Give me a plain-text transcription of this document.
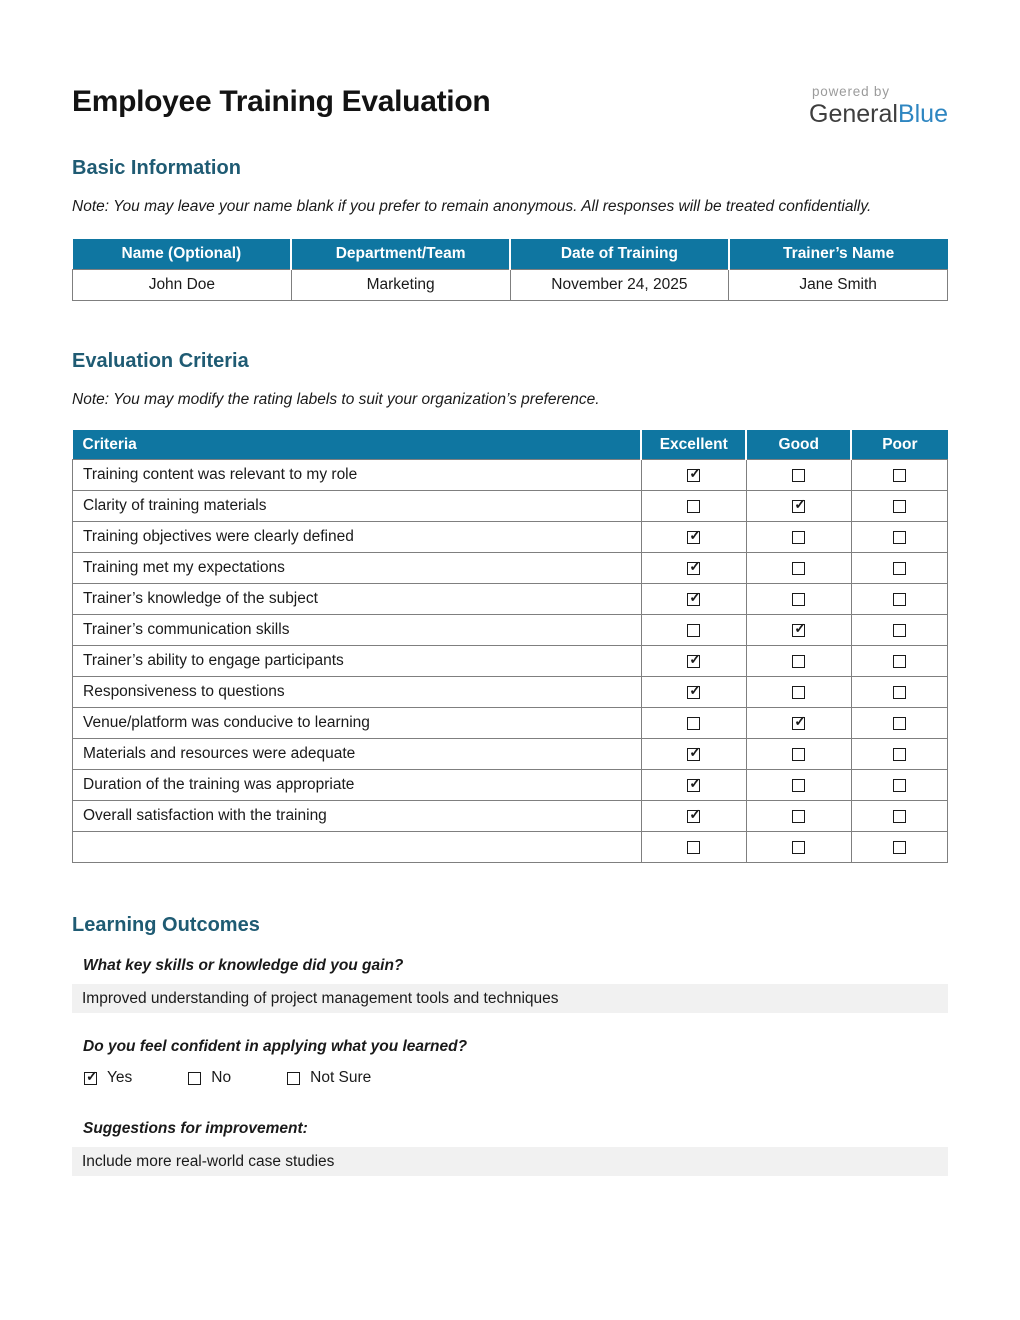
Employee Training Evaluation	powered by
GeneralBlue
Basic Information

Note: You may leave your name blank if you prefer to remain anonymous. All responses will be treated confidentially.

Name (Optional)	Department/Team	Date of Training	Trainer’s Name
John Doe	Marketing	November 24, 2025	Jane Smith
Evaluation Criteria

Note: You may modify the rating labels to suit your organization’s preference.

Criteria	Excellent	Good	Poor
Training content was relevant to my role	✓		
Clarity of training materials		✓	
Training objectives were clearly defined	✓		
Training met my expectations	✓		
Trainer’s knowledge of the subject	✓		
Trainer’s communication skills		✓	
Trainer’s ability to engage participants	✓		
Responsiveness to questions	✓		
Venue/platform was conducive to learning		✓	
Materials and resources were adequate	✓		
Duration of the training was appropriate	✓		
Overall satisfaction with the training	✓		

Learning Outcomes
What key skills or knowledge did you gain?
Improved understanding of project management tools and techniques
Do you feel confident in applying what you learned?
✓
Yes	No	Not Sure
Suggestions for improvement:
Include more real-world case studies
